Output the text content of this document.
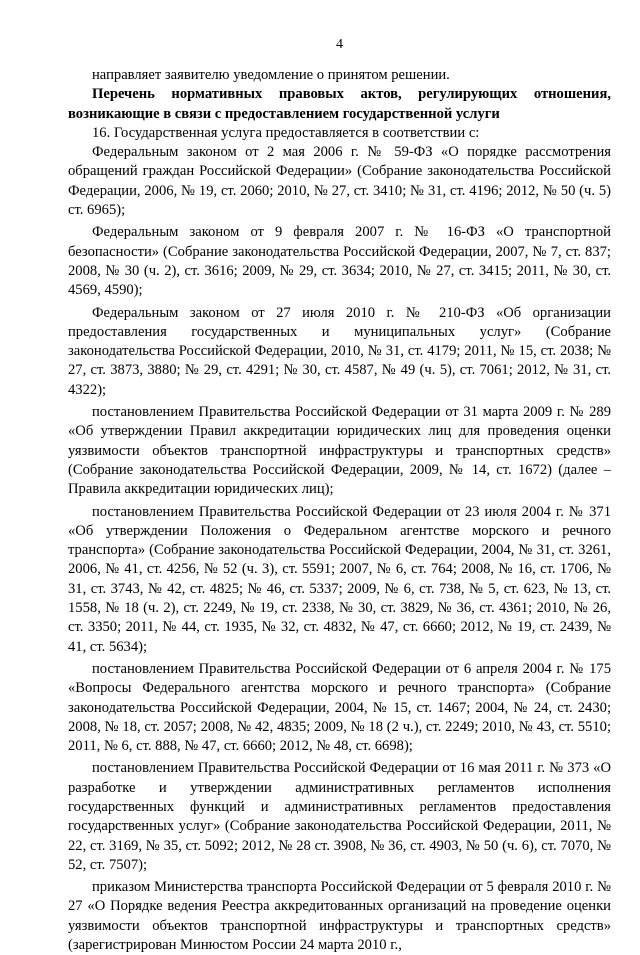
4

направляет заявителю уведомление о принятом решении.

Перечень нормативных правовых актов, регулирующих отношения, возникающие в связи с предоставлением государственной услуги

16. Государственная услуга предоставляется в соответствии с:

Федеральным законом от 2 мая 2006 г. № 59-ФЗ «О порядке рассмотрения обращений граждан Российской Федерации» (Собрание законодательства Российской Федерации, 2006, № 19, ст. 2060; 2010, № 27, ст. 3410; № 31, ст. 4196; 2012, № 50 (ч. 5) ст. 6965);

Федеральным законом от 9 февраля 2007 г. № 16-ФЗ «О транспортной безопасности» (Собрание законодательства Российской Федерации, 2007, № 7, ст. 837; 2008, № 30 (ч. 2), ст. 3616; 2009, № 29, ст. 3634; 2010, № 27, ст. 3415; 2011, № 30, ст. 4569, 4590);

Федеральным законом от 27 июля 2010 г. № 210-ФЗ «Об организации предоставления государственных и муниципальных услуг» (Собрание законодательства Российской Федерации, 2010, № 31, ст. 4179; 2011, № 15, ст. 2038; № 27, ст. 3873, 3880; № 29, ст. 4291; № 30, ст. 4587, № 49 (ч. 5), ст. 7061; 2012, № 31, ст. 4322);

постановлением Правительства Российской Федерации от 31 марта 2009 г. № 289 «Об утверждении Правил аккредитации юридических лиц для проведения оценки уязвимости объектов транспортной инфраструктуры и транспортных средств» (Собрание законодательства Российской Федерации, 2009, № 14, ст. 1672) (далее – Правила аккредитации юридических лиц);

постановлением Правительства Российской Федерации от 23 июля 2004 г. № 371 «Об утверждении Положения о Федеральном агентстве морского и речного транспорта» (Собрание законодательства Российской Федерации, 2004, № 31, ст. 3261, 2006, № 41, ст. 4256, № 52 (ч. 3), ст. 5591; 2007, № 6, ст. 764; 2008, № 16, ст. 1706, № 31, ст. 3743, № 42, ст. 4825; № 46, ст. 5337; 2009, № 6, ст. 738, № 5, ст. 623, № 13, ст. 1558, № 18 (ч. 2), ст. 2249, № 19, ст. 2338, № 30, ст. 3829, № 36, ст. 4361; 2010, № 26, ст. 3350; 2011, № 44, ст. 1935, № 32, ст. 4832, № 47, ст. 6660; 2012, № 19, ст. 2439, № 41, ст. 5634);

постановлением Правительства Российской Федерации от 6 апреля 2004 г. № 175 «Вопросы Федерального агентства морского и речного транспорта» (Собрание законодательства Российской Федерации, 2004, № 15, ст. 1467; 2004, № 24, ст. 2430; 2008, № 18, ст. 2057; 2008, № 42, 4835; 2009, № 18 (2 ч.), ст. 2249; 2010, № 43, ст. 5510; 2011, № 6, ст. 888, № 47, ст. 6660; 2012, № 48, ст. 6698);

постановлением Правительства Российской Федерации от 16 мая 2011 г. № 373 «О разработке и утверждении административных регламентов исполнения государственных функций и административных регламентов предоставления государственных услуг» (Собрание законодательства Российской Федерации, 2011, № 22, ст. 3169, № 35, ст. 5092; 2012, № 28 ст. 3908, № 36, ст. 4903, № 50 (ч. 6), ст. 7070, № 52, ст. 7507);

приказом Министерства транспорта Российской Федерации от 5 февраля 2010 г. № 27 «О Порядке ведения Реестра аккредитованных организаций на проведение оценки уязвимости объектов транспортной инфраструктуры и транспортных средств» (зарегистрирован Минюстом России 24 марта 2010 г.,
